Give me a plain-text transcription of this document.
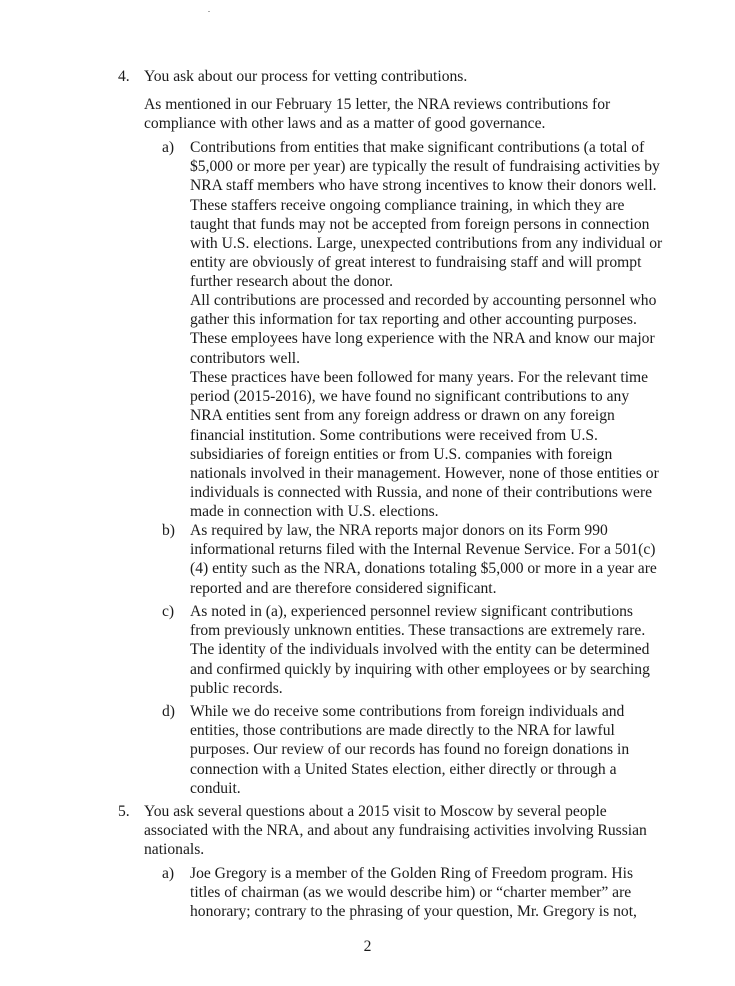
4. You ask about our process for vetting contributions.

As mentioned in our February 15 letter, the NRA reviews contributions for compliance with other laws and as a matter of good governance.

a)	Contributions from entities that make significant contributions (a total of $5,000 or more per year) are typically the result of fundraising activities by NRA staff members who have strong incentives to know their donors well. These staffers receive ongoing compliance training, in which they are taught that funds may not be accepted from foreign persons in connection with U.S. elections. Large, unexpected contributions from any individual or entity are obviously of great interest to fundraising staff and will prompt further research about the donor.

All contributions are processed and recorded by accounting personnel who gather this information for tax reporting and other accounting purposes. These employees have long experience with the NRA and know our major contributors well.

These practices have been followed for many years. For the relevant time period (2015-2016), we have found no significant contributions to any NRA entities sent from any foreign address or drawn on any foreign financial institution. Some contributions were received from U.S. subsidiaries of foreign entities or from U.S. companies with foreign nationals involved in their management. However, none of those entities or individuals is connected with Russia, and none of their contributions were made in connection with U.S. elections.

b) As required by law, the NRA reports major donors on its Form 990 informational returns filed with the Internal Revenue Service. For a 501(c)(4) entity such as the NRA, donations totaling $5,000 or more in a year are reported and are therefore considered significant.

c)	As noted in (a), experienced personnel review significant contributions from previously unknown entities. These transactions are extremely rare. The identity of the individuals involved with the entity can be determined and confirmed quickly by inquiring with other employees or by searching public records.

d) While we do receive some contributions from foreign individuals and entities, those contributions are made directly to the NRA for lawful purposes. Our review of our records has found no foreign donations in connection with a United States election, either directly or through a conduit.

5. You ask several questions about a 2015 visit to Moscow by several people associated with the NRA, and about any fundraising activities involving Russian nationals.

a)	Joe Gregory is a member of the Golden Ring of Freedom program. His titles of chairman (as we would describe him) or “charter member” are honorary; contrary to the phrasing of your question, Mr. Gregory is not,

2
